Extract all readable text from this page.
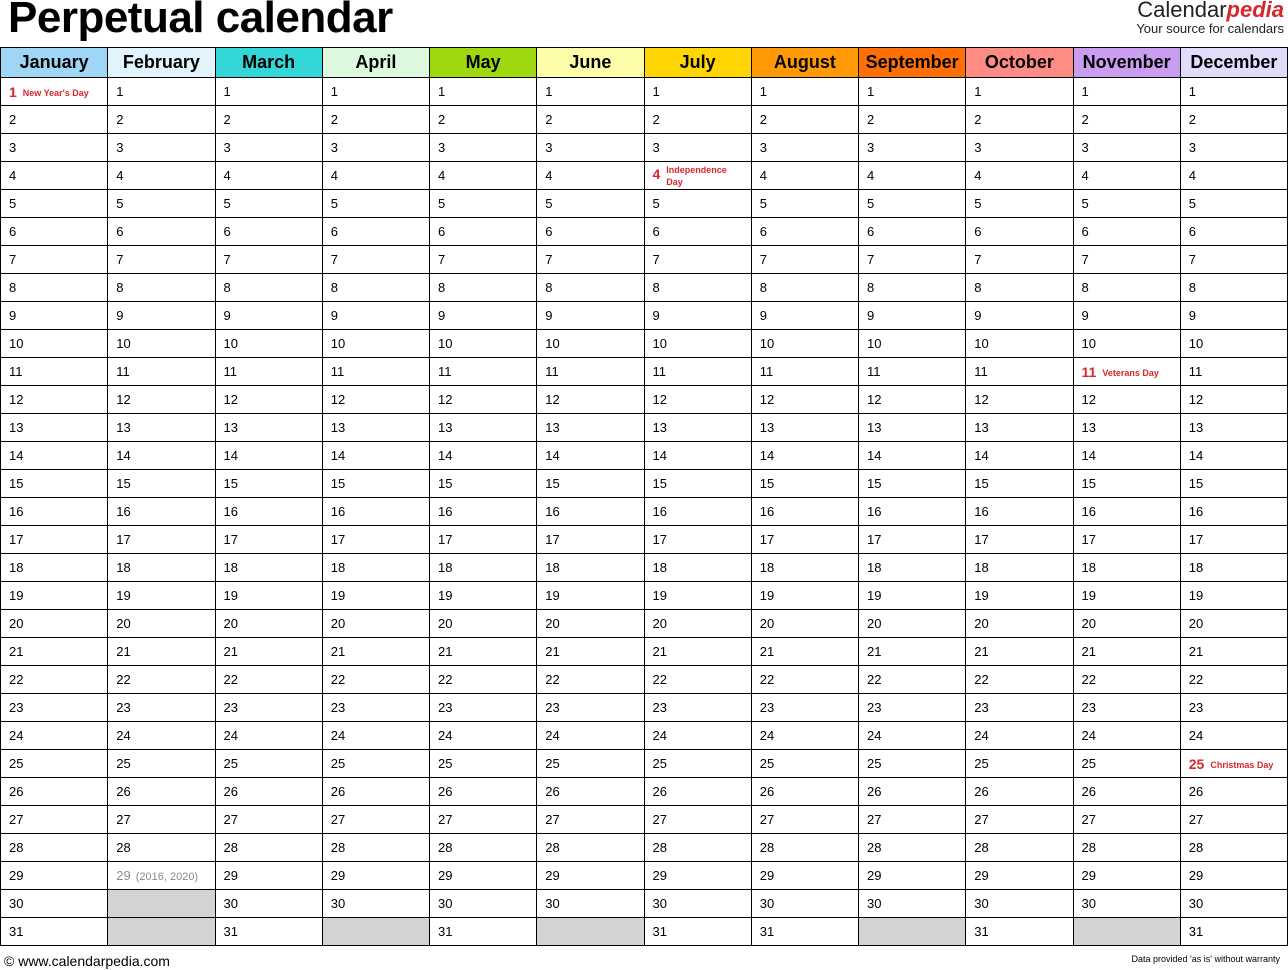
Perpetual calendar	Calendarpedia
Your source for calendars
January	February	March	April	May	June	July	August	September	October	November	December
1 New Year's Day	1	1	1	1	1	1	1	1	1	1	1
2	2	2	2	2	2	2	2	2	2	2	2
3	3	3	3	3	3	3	3	3	3	3	3
4	4	4	4	4	4	4 Independence Day	4	4	4	4	4
5	5	5	5	5	5	5	5	5	5	5	5
6	6	6	6	6	6	6	6	6	6	6	6
7	7	7	7	7	7	7	7	7	7	7	7
8	8	8	8	8	8	8	8	8	8	8	8
9	9	9	9	9	9	9	9	9	9	9	9
10	10	10	10	10	10	10	10	10	10	10	10
11	11	11	11	11	11	11	11	11	11	11 Veterans Day	11
12	12	12	12	12	12	12	12	12	12	12	12
13	13	13	13	13	13	13	13	13	13	13	13
14	14	14	14	14	14	14	14	14	14	14	14
15	15	15	15	15	15	15	15	15	15	15	15
16	16	16	16	16	16	16	16	16	16	16	16
17	17	17	17	17	17	17	17	17	17	17	17
18	18	18	18	18	18	18	18	18	18	18	18
19	19	19	19	19	19	19	19	19	19	19	19
20	20	20	20	20	20	20	20	20	20	20	20
21	21	21	21	21	21	21	21	21	21	21	21
22	22	22	22	22	22	22	22	22	22	22	22
23	23	23	23	23	23	23	23	23	23	23	23
24	24	24	24	24	24	24	24	24	24	24	24
25	25	25	25	25	25	25	25	25	25	25	25 Christmas Day
26	26	26	26	26	26	26	26	26	26	26	26
27	27	27	27	27	27	27	27	27	27	27	27
28	28	28	28	28	28	28	28	28	28	28	28
29	29 (2016, 2020)	29	29	29	29	29	29	29	29	29	29
30		30	30	30	30	30	30	30	30	30	30
31		31		31		31	31		31		31
© www.calendarpedia.com	Data provided 'as is' without warranty
